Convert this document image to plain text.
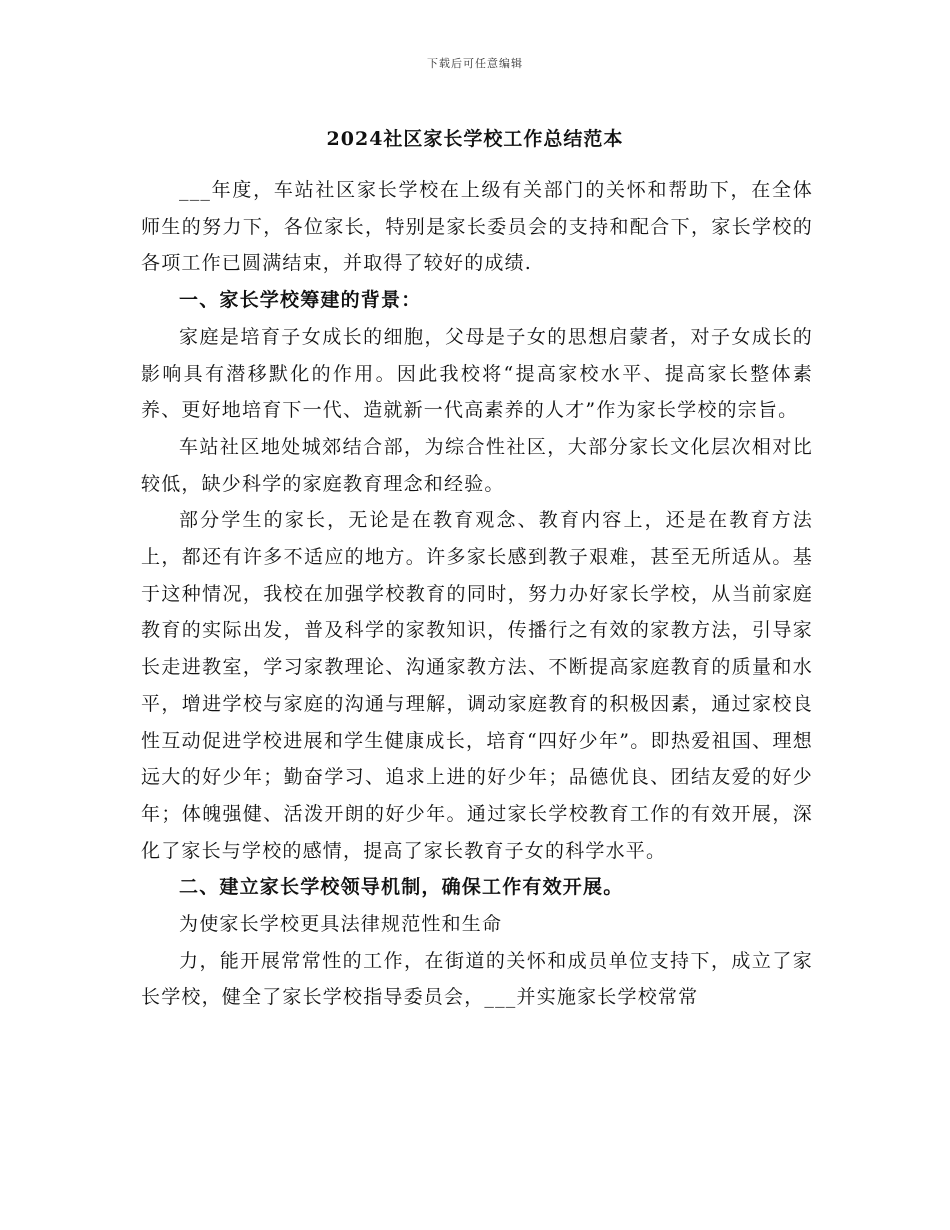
下载后可任意编辑
2024社区家长学校工作总结范本

___年度，车站社区家长学校在上级有关部门的关怀和帮助下，在全体师生的努力下，各位家长，特别是家长委员会的支持和配合下，家长学校的各项工作已圆满结束，并取得了较好的成绩.

一、家长学校筹建的背景：

家庭是培育子女成长的细胞，父母是子女的思想启蒙者，对子女成长的影响具有潜移默化的作用。因此我校将“提高家校水平、提高家长整体素养、更好地培育下一代、造就新一代高素养的人才”作为家长学校的宗旨。

车站社区地处城郊结合部，为综合性社区，大部分家长文化层次相对比较低，缺少科学的家庭教育理念和经验。

部分学生的家长，无论是在教育观念、教育内容上，还是在教育方法上，都还有许多不适应的地方。许多家长感到教子艰难，甚至无所适从。基于这种情况，我校在加强学校教育的同时，努力办好家长学校，从当前家庭教育的实际出发，普及科学的家教知识，传播行之有效的家教方法，引导家长走进教室，学习家教理论、沟通家教方法、不断提高家庭教育的质量和水平，增进学校与家庭的沟通与理解，调动家庭教育的积极因素，通过家校良性互动促进学校进展和学生健康成长，培育“四好少年”。即热爱祖国、理想远大的好少年；勤奋学习、追求上进的好少年；品德优良、团结友爱的好少年；体魄强健、活泼开朗的好少年。通过家长学校教育工作的有效开展，深化了家长与学校的感情，提高了家长教育子女的科学水平。

二、建立家长学校领导机制，确保工作有效开展。

为使家长学校更具法律规范性和生命

力，能开展常常性的工作，在街道的关怀和成员单位支持下，成立了家长学校，健全了家长学校指导委员会，___并实施家长学校常常
